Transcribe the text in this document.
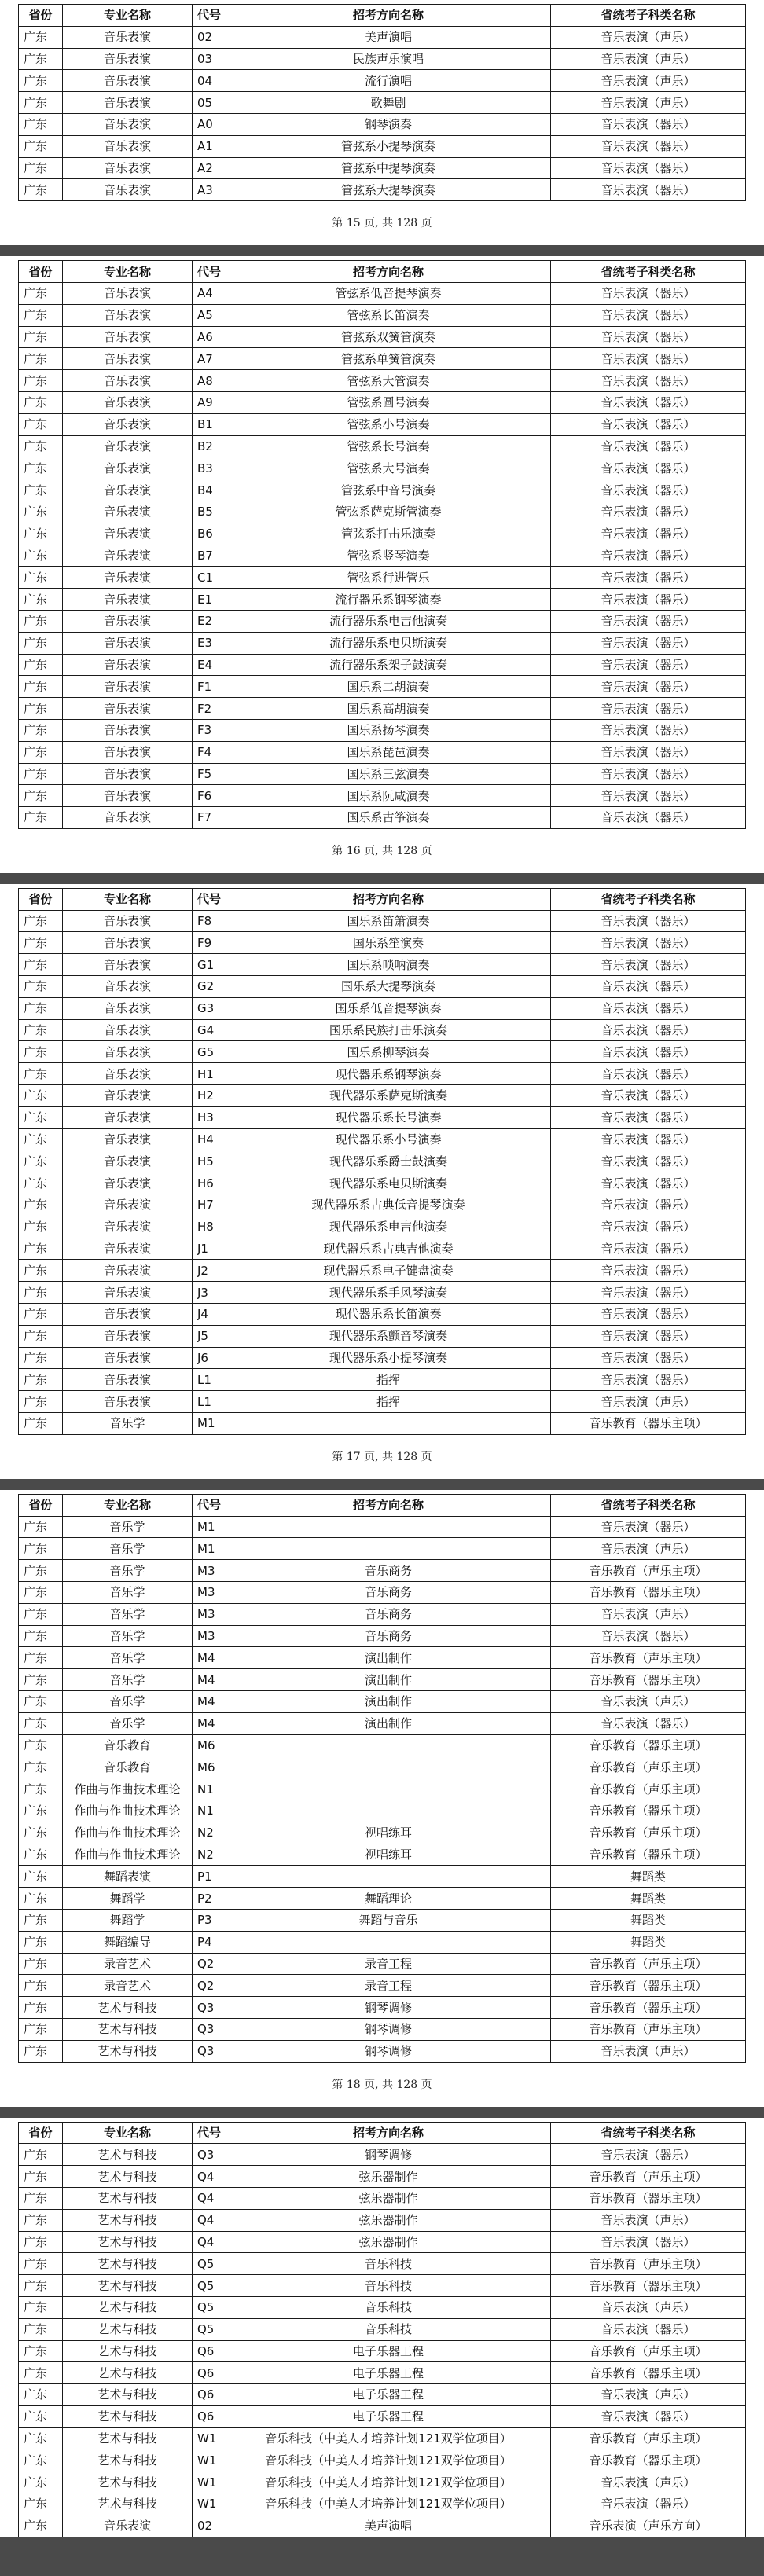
省份	专业名称	代号	招考方向名称	省统考子科类名称
广东	音乐表演	02	美声演唱	音乐表演（声乐）
广东	音乐表演	03	民族声乐演唱	音乐表演（声乐）
广东	音乐表演	04	流行演唱	音乐表演（声乐）
广东	音乐表演	05	歌舞剧	音乐表演（声乐）
广东	音乐表演	A0	钢琴演奏	音乐表演（器乐）
广东	音乐表演	A1	管弦系小提琴演奏	音乐表演（器乐）
广东	音乐表演	A2	管弦系中提琴演奏	音乐表演（器乐）
广东	音乐表演	A3	管弦系大提琴演奏	音乐表演（器乐）
第 15 页, 共 128 页
省份	专业名称	代号	招考方向名称	省统考子科类名称
广东	音乐表演	A4	管弦系低音提琴演奏	音乐表演（器乐）
广东	音乐表演	A5	管弦系长笛演奏	音乐表演（器乐）
广东	音乐表演	A6	管弦系双簧管演奏	音乐表演（器乐）
广东	音乐表演	A7	管弦系单簧管演奏	音乐表演（器乐）
广东	音乐表演	A8	管弦系大管演奏	音乐表演（器乐）
广东	音乐表演	A9	管弦系圆号演奏	音乐表演（器乐）
广东	音乐表演	B1	管弦系小号演奏	音乐表演（器乐）
广东	音乐表演	B2	管弦系长号演奏	音乐表演（器乐）
广东	音乐表演	B3	管弦系大号演奏	音乐表演（器乐）
广东	音乐表演	B4	管弦系中音号演奏	音乐表演（器乐）
广东	音乐表演	B5	管弦系萨克斯管演奏	音乐表演（器乐）
广东	音乐表演	B6	管弦系打击乐演奏	音乐表演（器乐）
广东	音乐表演	B7	管弦系竖琴演奏	音乐表演（器乐）
广东	音乐表演	C1	管弦系行进管乐	音乐表演（器乐）
广东	音乐表演	E1	流行器乐系钢琴演奏	音乐表演（器乐）
广东	音乐表演	E2	流行器乐系电吉他演奏	音乐表演（器乐）
广东	音乐表演	E3	流行器乐系电贝斯演奏	音乐表演（器乐）
广东	音乐表演	E4	流行器乐系架子鼓演奏	音乐表演（器乐）
广东	音乐表演	F1	国乐系二胡演奏	音乐表演（器乐）
广东	音乐表演	F2	国乐系高胡演奏	音乐表演（器乐）
广东	音乐表演	F3	国乐系扬琴演奏	音乐表演（器乐）
广东	音乐表演	F4	国乐系琵琶演奏	音乐表演（器乐）
广东	音乐表演	F5	国乐系三弦演奏	音乐表演（器乐）
广东	音乐表演	F6	国乐系阮咸演奏	音乐表演（器乐）
广东	音乐表演	F7	国乐系古筝演奏	音乐表演（器乐）
第 16 页, 共 128 页
省份	专业名称	代号	招考方向名称	省统考子科类名称
广东	音乐表演	F8	国乐系笛箫演奏	音乐表演（器乐）
广东	音乐表演	F9	国乐系笙演奏	音乐表演（器乐）
广东	音乐表演	G1	国乐系唢呐演奏	音乐表演（器乐）
广东	音乐表演	G2	国乐系大提琴演奏	音乐表演（器乐）
广东	音乐表演	G3	国乐系低音提琴演奏	音乐表演（器乐）
广东	音乐表演	G4	国乐系民族打击乐演奏	音乐表演（器乐）
广东	音乐表演	G5	国乐系柳琴演奏	音乐表演（器乐）
广东	音乐表演	H1	现代器乐系钢琴演奏	音乐表演（器乐）
广东	音乐表演	H2	现代器乐系萨克斯演奏	音乐表演（器乐）
广东	音乐表演	H3	现代器乐系长号演奏	音乐表演（器乐）
广东	音乐表演	H4	现代器乐系小号演奏	音乐表演（器乐）
广东	音乐表演	H5	现代器乐系爵士鼓演奏	音乐表演（器乐）
广东	音乐表演	H6	现代器乐系电贝斯演奏	音乐表演（器乐）
广东	音乐表演	H7	现代器乐系古典低音提琴演奏	音乐表演（器乐）
广东	音乐表演	H8	现代器乐系电吉他演奏	音乐表演（器乐）
广东	音乐表演	J1	现代器乐系古典吉他演奏	音乐表演（器乐）
广东	音乐表演	J2	现代器乐系电子键盘演奏	音乐表演（器乐）
广东	音乐表演	J3	现代器乐系手风琴演奏	音乐表演（器乐）
广东	音乐表演	J4	现代器乐系长笛演奏	音乐表演（器乐）
广东	音乐表演	J5	现代器乐系颤音琴演奏	音乐表演（器乐）
广东	音乐表演	J6	现代器乐系小提琴演奏	音乐表演（器乐）
广东	音乐表演	L1	指挥	音乐表演（器乐）
广东	音乐表演	L1	指挥	音乐表演（声乐）
广东	音乐学	M1		音乐教育（器乐主项）
第 17 页, 共 128 页
省份	专业名称	代号	招考方向名称	省统考子科类名称
广东	音乐学	M1		音乐表演（器乐）
广东	音乐学	M1		音乐表演（声乐）
广东	音乐学	M3	音乐商务	音乐教育（声乐主项）
广东	音乐学	M3	音乐商务	音乐教育（器乐主项）
广东	音乐学	M3	音乐商务	音乐表演（声乐）
广东	音乐学	M3	音乐商务	音乐表演（器乐）
广东	音乐学	M4	演出制作	音乐教育（声乐主项）
广东	音乐学	M4	演出制作	音乐教育（器乐主项）
广东	音乐学	M4	演出制作	音乐表演（声乐）
广东	音乐学	M4	演出制作	音乐表演（器乐）
广东	音乐教育	M6		音乐教育（器乐主项）
广东	音乐教育	M6		音乐教育（声乐主项）
广东	作曲与作曲技术理论	N1		音乐教育（声乐主项）
广东	作曲与作曲技术理论	N1		音乐教育（器乐主项）
广东	作曲与作曲技术理论	N2	视唱练耳	音乐教育（声乐主项）
广东	作曲与作曲技术理论	N2	视唱练耳	音乐教育（器乐主项）
广东	舞蹈表演	P1		舞蹈类
广东	舞蹈学	P2	舞蹈理论	舞蹈类
广东	舞蹈学	P3	舞蹈与音乐	舞蹈类
广东	舞蹈编导	P4		舞蹈类
广东	录音艺术	Q2	录音工程	音乐教育（声乐主项）
广东	录音艺术	Q2	录音工程	音乐教育（器乐主项）
广东	艺术与科技	Q3	钢琴调修	音乐教育（器乐主项）
广东	艺术与科技	Q3	钢琴调修	音乐教育（声乐主项）
广东	艺术与科技	Q3	钢琴调修	音乐表演（声乐）
第 18 页, 共 128 页
省份	专业名称	代号	招考方向名称	省统考子科类名称
广东	艺术与科技	Q3	钢琴调修	音乐表演（器乐）
广东	艺术与科技	Q4	弦乐器制作	音乐教育（声乐主项）
广东	艺术与科技	Q4	弦乐器制作	音乐教育（器乐主项）
广东	艺术与科技	Q4	弦乐器制作	音乐表演（声乐）
广东	艺术与科技	Q4	弦乐器制作	音乐表演（器乐）
广东	艺术与科技	Q5	音乐科技	音乐教育（声乐主项）
广东	艺术与科技	Q5	音乐科技	音乐教育（器乐主项）
广东	艺术与科技	Q5	音乐科技	音乐表演（声乐）
广东	艺术与科技	Q5	音乐科技	音乐表演（器乐）
广东	艺术与科技	Q6	电子乐器工程	音乐教育（声乐主项）
广东	艺术与科技	Q6	电子乐器工程	音乐教育（器乐主项）
广东	艺术与科技	Q6	电子乐器工程	音乐表演（声乐）
广东	艺术与科技	Q6	电子乐器工程	音乐表演（器乐）
广东	艺术与科技	W1	音乐科技（中美人才培养计划121双学位项目）	音乐教育（声乐主项）
广东	艺术与科技	W1	音乐科技（中美人才培养计划121双学位项目）	音乐教育（器乐主项）
广东	艺术与科技	W1	音乐科技（中美人才培养计划121双学位项目）	音乐表演（声乐）
广东	艺术与科技	W1	音乐科技（中美人才培养计划121双学位项目）	音乐表演（器乐）
广东	音乐表演	02	美声演唱	音乐表演（声乐方向）
